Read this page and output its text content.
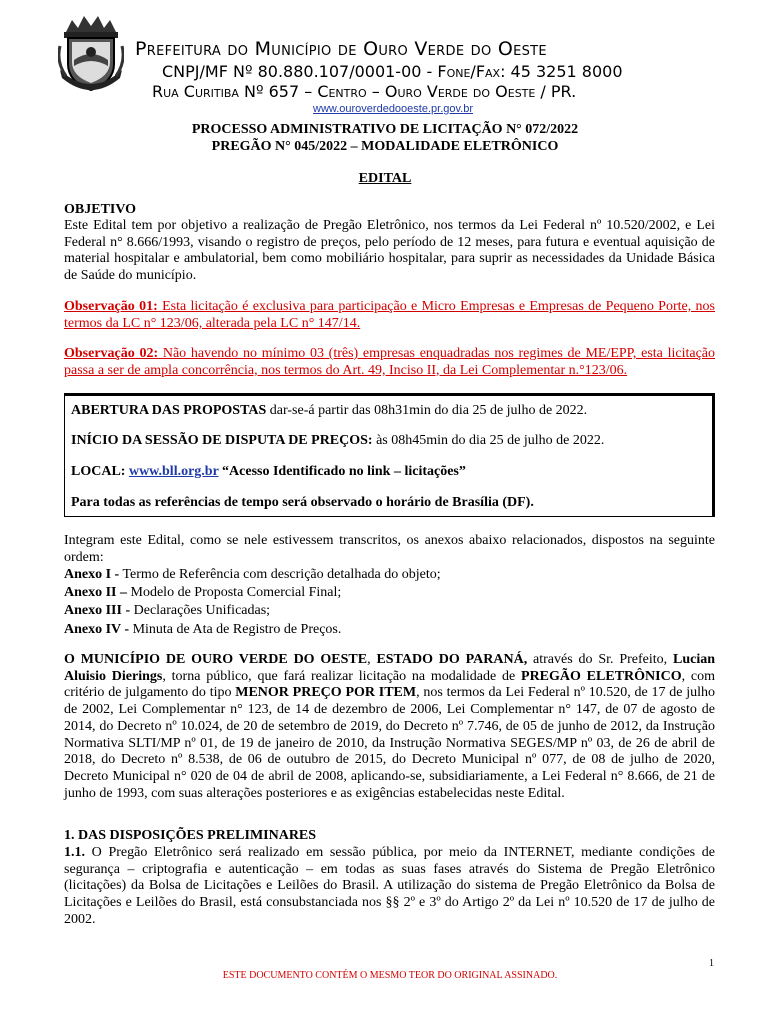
Prefeitura do Município de Ouro Verde do Oeste
CNPJ/MF Nº 80.880.107/0001-00 - Fone/Fax: 45 3251 8000
Rua Curitiba Nº 657 – Centro – Ouro Verde do Oeste / PR.
www.ouroverdedooeste.pr.gov.br
PROCESSO ADMINISTRATIVO DE LICITAÇÃO N° 072/2022
PREGÃO N° 045/2022 – MODALIDADE ELETRÔNICO
EDITAL
OBJETIVO
Este Edital tem por objetivo a realização de Pregão Eletrônico, nos termos da Lei Federal nº 10.520/2002, e Lei Federal n° 8.666/1993, visando o registro de preços, pelo período de 12 meses, para futura e eventual aquisição de material hospitalar e ambulatorial, bem como mobiliário hospitalar, para suprir as necessidades da Unidade Básica de Saúde do município.
Observação 01: Esta licitação é exclusiva para participação e Micro Empresas e Empresas de Pequeno Porte, nos termos da LC n° 123/06, alterada pela LC n° 147/14.
Observação 02: Não havendo no mínimo 03 (três) empresas enquadradas nos regimes de ME/EPP, esta licitação passa a ser de ampla concorrência, nos termos do Art. 49, Inciso II, da Lei Complementar n.°123/06.
ABERTURA DAS PROPOSTAS dar-se-á partir das 08h31min do dia 25 de julho de 2022.
INÍCIO DA SESSÃO DE DISPUTA DE PREÇOS: às 08h45min do dia 25 de julho de 2022.
LOCAL: www.bll.org.br “Acesso Identificado no link – licitações”
Para todas as referências de tempo será observado o horário de Brasília (DF).
Integram este Edital, como se nele estivessem transcritos, os anexos abaixo relacionados, dispostos na seguinte ordem:
Anexo I - Termo de Referência com descrição detalhada do objeto;
Anexo II – Modelo de Proposta Comercial Final;
Anexo III - Declarações Unificadas;
Anexo IV - Minuta de Ata de Registro de Preços.
O MUNICÍPIO DE OURO VERDE DO OESTE, ESTADO DO PARANÁ, através do Sr. Prefeito, Lucian Aluisio Dierings, torna público, que fará realizar licitação na modalidade de PREGÃO ELETRÔNICO, com critério de julgamento do tipo MENOR PREÇO POR ITEM, nos termos da Lei Federal nº 10.520, de 17 de julho de 2002, Lei Complementar n° 123, de 14 de dezembro de 2006, Lei Complementar n° 147, de 07 de agosto de 2014, do Decreto nº 10.024, de 20 de setembro de 2019, do Decreto nº 7.746, de 05 de junho de 2012, da Instrução Normativa SLTI/MP nº 01, de 19 de janeiro de 2010, da Instrução Normativa SEGES/MP nº 03, de 26 de abril de 2018, do Decreto nº 8.538, de 06 de outubro de 2015, do Decreto Municipal nº 077, de 08 de julho de 2020, Decreto Municipal n° 020 de 04 de abril de 2008, aplicando-se, subsidiariamente, a Lei Federal n° 8.666, de 21 de junho de 1993, com suas alterações posteriores e as exigências estabelecidas neste Edital.
1. DAS DISPOSIÇÕES PRELIMINARES
1.1. O Pregão Eletrônico será realizado em sessão pública, por meio da INTERNET, mediante condições de segurança – criptografia e autenticação – em todas as suas fases através do Sistema de Pregão Eletrônico (licitações) da Bolsa de Licitações e Leilões do Brasil. A utilização do sistema de Pregão Eletrônico da Bolsa de Licitações e Leilões do Brasil, está consubstanciada nos §§ 2º e 3º do Artigo 2º da Lei nº 10.520 de 17 de julho de 2002.
1
ESTE DOCUMENTO CONTÉM O MESMO TEOR DO ORIGINAL ASSINADO.
